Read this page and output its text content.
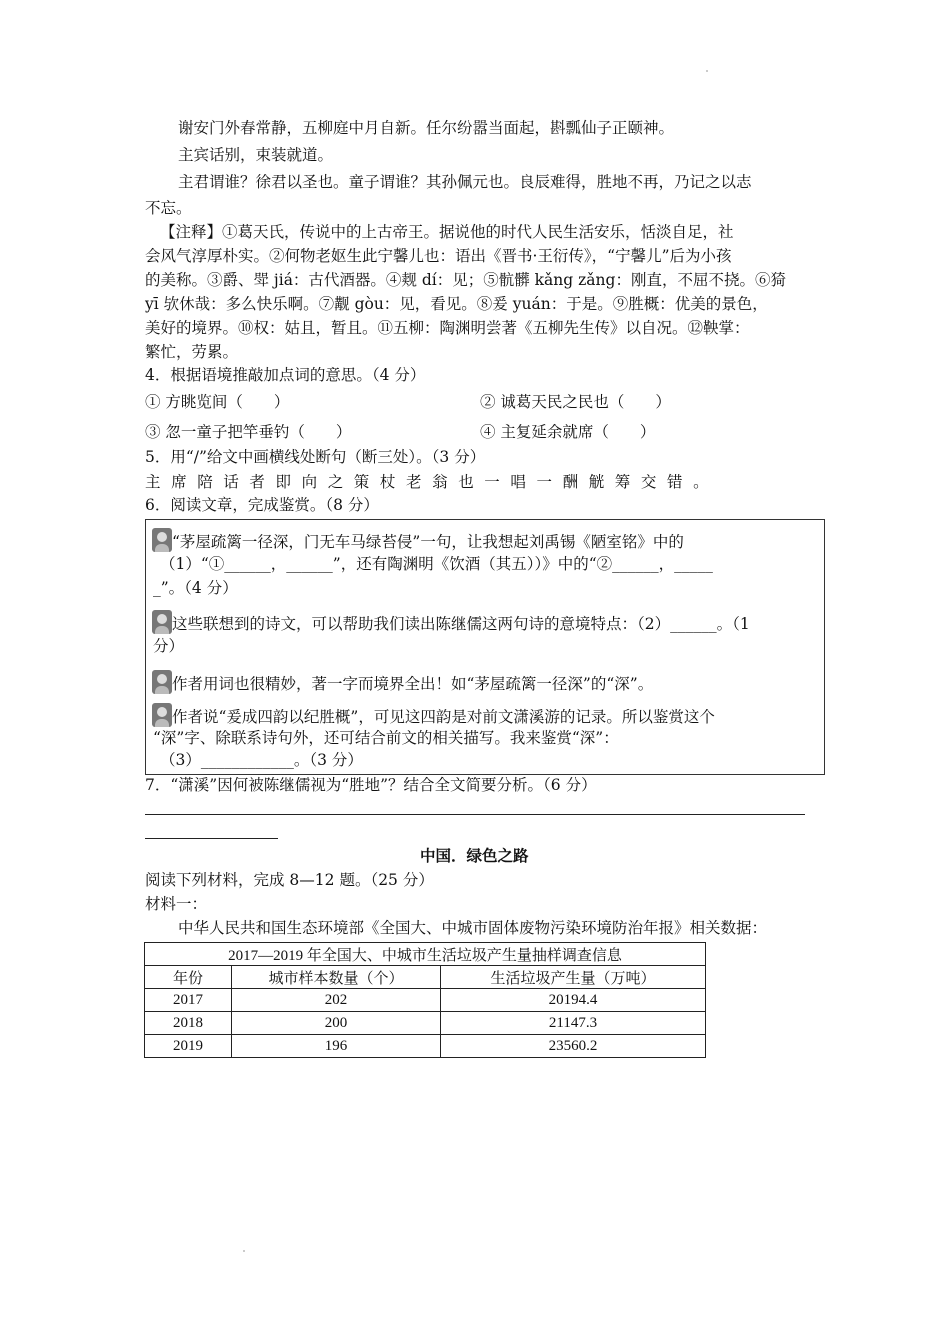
谢安门外春常静，五柳庭中月自新。任尔纷嚣当面起，斟瓢仙子正颐神。
主宾话别，束装就道。
主君谓谁？徐君以圣也。童子谓谁？其孙佩元也。良辰难得，胜地不再，乃记之以志
不忘。
【注释】①葛天氏，传说中的上古帝王。据说他的时代人民生活安乐，恬淡自足，社
会风气淳厚朴实。②何物老妪生此宁馨儿也：语出《晋书·王衍传》，“宁馨儿”后为小孩
的美称。③爵、斝 jiá：古代酒器。④觌 dí：见；⑤骯髒 kǎng zǎng：刚直，不屈不挠。⑥猗
yī 欤休哉：多么快乐啊。⑦觏 gòu：见，看见。⑧爰 yuán：于是。⑨胜概：优美的景色，
美好的境界。⑩权：姑且，暂且。⑪五柳：陶渊明尝著《五柳先生传》以自况。⑫鞅掌：
繁忙，劳累。
4．根据语境推敲加点词的意思。（4 分）
① 方眺览间（　　）	② 诚葛天民之民也（　　）
③ 忽一童子把竿垂钓（　　）	④ 主复延余就席（　　）
5．用“/”给文中画横线处断句（断三处）。（3 分）
主席陪话者即向之策杖老翁也一唱一酬觥筹交错。
6．阅读文章，完成鉴赏。（8 分）
“茅屋疏篱一径深，门无车马绿苔侵”一句，让我想起刘禹锡《陋室铭》中的
（1）“①______，______”，还有陶渊明《饮酒（其五））》中的“②______，_____
_”。（4 分）
这些联想到的诗文，可以帮助我们读出陈继儒这两句诗的意境特点：（2）______。（1
分）
作者用词也很精妙，著一字而境界全出！如“茅屋疏篱一径深”的“深”。
作者说“爰成四韵以纪胜概”，可见这四韵是对前文潇溪游的记录。所以鉴赏这个
“深”字、除联系诗句外，还可结合前文的相关描写。我来鉴赏“深”：
（3）____________。（3 分）
7．“潇溪”因何被陈继儒视为“胜地”？结合全文简要分析。（6 分）
中国．绿色之路
阅读下列材料，完成 8—12 题。（25 分）
材料一：
中华人民共和国生态环境部《全国大、中城市固体废物污染环境防治年报》相关数据：
2017—2019 年全国大、中城市生活垃圾产生量抽样调查信息		
年份	城市样本数量（个）	生活垃圾产生量（万吨）
2017	202	20194.4
2018	200	21147.3
2019	196	23560.2
